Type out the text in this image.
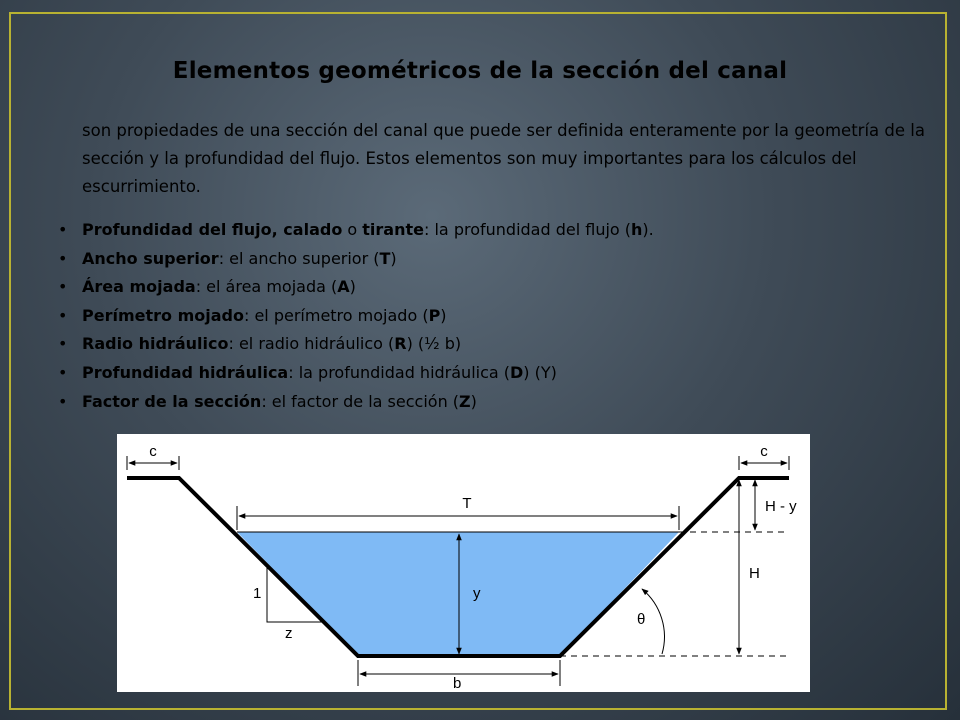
Elementos geométricos de la sección del canal
son propiedades de una sección del canal que puede ser definida enteramente por la geometría de la sección y la profundidad del flujo. Estos elementos son muy importantes para los cálculos del escurrimiento.
• Profundidad del flujo, calado o tirante: la profundidad del flujo (h).
• Ancho superior: el ancho superior (T)
• Área mojada: el área mojada (A)
• Perímetro mojado: el perímetro mojado (P)
• Radio hidráulico: el radio hidráulico (R) (½ b)
• Profundidad hidráulica: la profundidad hidráulica (D) (Y)
• Factor de la sección: el factor de la sección (Z)
c	c
T
y
1
z
H - y
H
θ
b
